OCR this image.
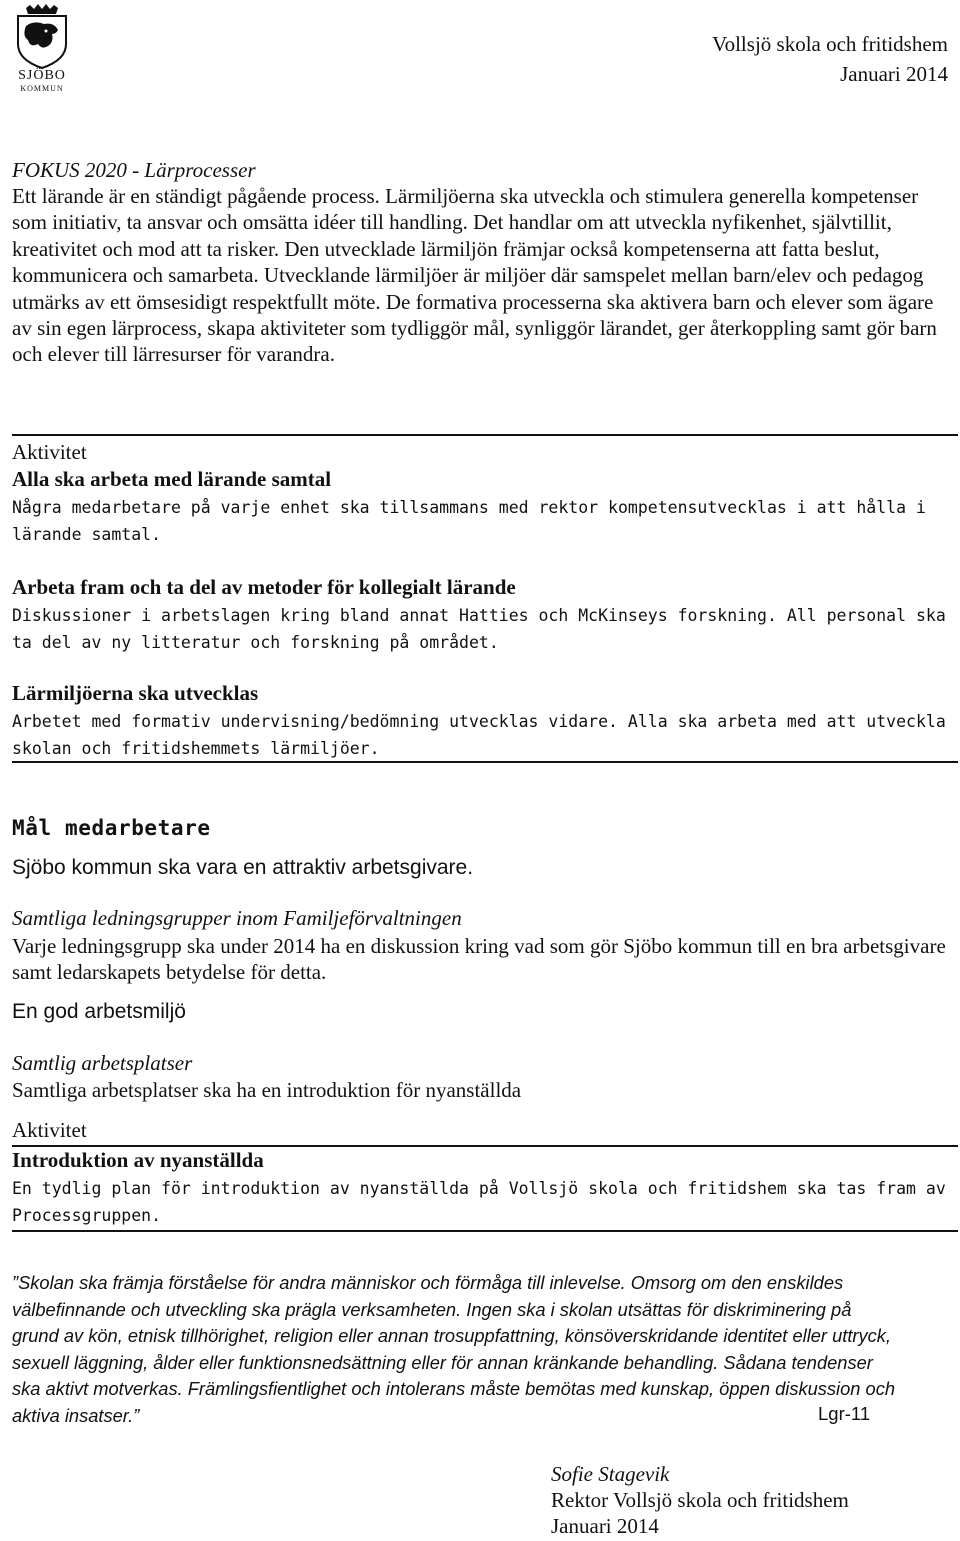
SJÖBO
KOMMUN
Vollsjö skola och fritidshem
Januari 2014
FOKUS 2020 - Lärprocesser
Ett lärande är en ständigt pågående process. Lärmiljöerna ska utveckla och stimulera generella kompetenser som initiativ, ta ansvar och omsätta idéer till handling. Det handlar om att utveckla nyfikenhet, självtillit, kreativitet och mod att ta risker. Den utvecklade lärmiljön främjar också kompetenserna att fatta beslut, kommunicera och samarbeta. Utvecklande lärmiljöer är miljöer där samspelet mellan barn/elev och pedagog utmärks av ett ömsesidigt respektfullt möte. De formativa processerna ska aktivera barn och elever som ägare av sin egen lärprocess, skapa aktiviteter som tydliggör mål, synliggör lärandet, ger återkoppling samt gör barn och elever till lärresurser för varandra.
Aktivitet
Alla ska arbeta med lärande samtal
Några medarbetare på varje enhet ska tillsammans med rektor kompetensutvecklas i att hålla i lärande samtal.
Arbeta fram och ta del av metoder för kollegialt lärande
Diskussioner i arbetslagen kring bland annat Hatties och McKinseys forskning. All personal ska ta del av ny litteratur och forskning på området.
Lärmiljöerna ska utvecklas
Arbetet med formativ undervisning/bedömning utvecklas vidare. Alla ska arbeta med att utveckla skolan och fritidshemmets lärmiljöer.
Mål medarbetare
Sjöbo kommun ska vara en attraktiv arbetsgivare.
Samtliga ledningsgrupper inom Familjeförvaltningen
Varje ledningsgrupp ska under 2014 ha en diskussion kring vad som gör Sjöbo kommun till en bra arbetsgivare samt ledarskapets betydelse för detta.
En god arbetsmiljö
Samtlig arbetsplatser
Samtliga arbetsplatser ska ha en introduktion för nyanställda
Aktivitet
Introduktion av nyanställda
En tydlig plan för introduktion av nyanställda på Vollsjö skola och fritidshem ska tas fram av Processgruppen.
”Skolan ska främja förståelse för andra människor och förmåga till inlevelse. Omsorg om den enskildes välbefinnande och utveckling ska prägla verksamheten. Ingen ska i skolan utsättas för diskriminering på grund av kön, etnisk tillhörighet, religion eller annan trosuppfattning, könsöverskridande identitet eller uttryck, sexuell läggning, ålder eller funktionsnedsättning eller för annan kränkande behandling. Sådana tendenser ska aktivt motverkas. Främlingsfientlighet och intolerans måste bemötas med kunskap, öppen diskussion och aktiva insatser.”	Lgr-11
Sofie Stagevik
Rektor Vollsjö skola och fritidshem
Januari 2014
